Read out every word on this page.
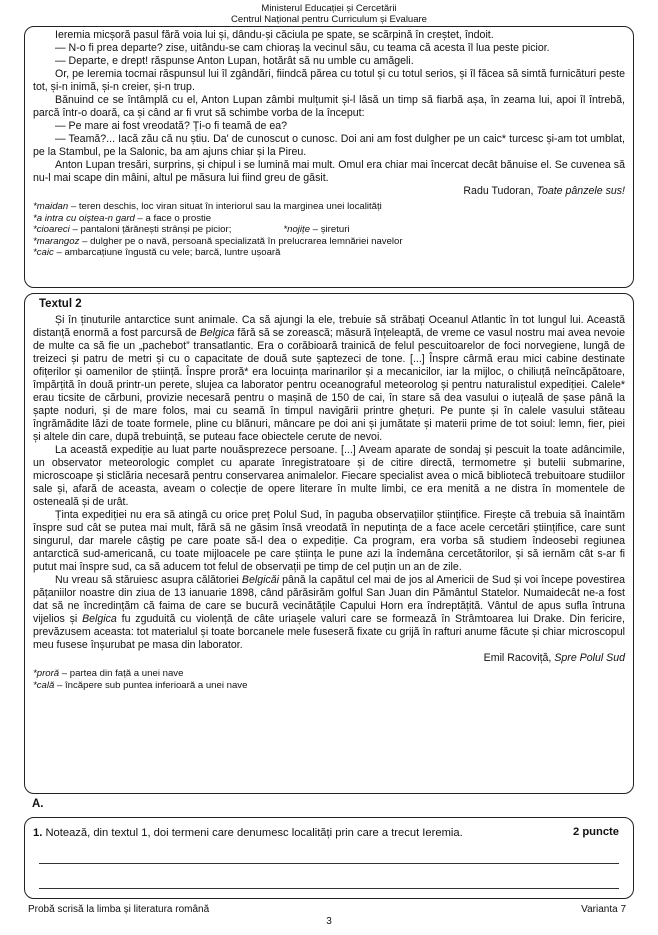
Ministerul Educației și Cercetării
Centrul Național pentru Curriculum și Evaluare

Ieremia micșoră pasul fără voia lui și, dându-și căciula pe spate, se scărpină în creștet, îndoit.

— N-o fi prea departe? zise, uitându-se cam chioraș la vecinul său, cu teama că acesta îl lua peste picior.

— Departe, e drept! răspunse Anton Lupan, hotărât să nu umble cu amăgeli.

Or, pe Ieremia tocmai răspunsul lui îl zgândări, fiindcă părea cu totul și cu totul serios, și îl făcea să simtă furnicături peste tot, și-n inimă, și-n creier, și-n trup.

Bănuind ce se întâmplă cu el, Anton Lupan zâmbi mulțumit și-l lăsă un timp să fiarbă așa, în zeama lui, apoi îl întrebă, parcă într-o doară, ca și când ar fi vrut să schimbe vorba de la început:

— Pe mare ai fost vreodată? Ți-o fi teamă de ea?

— Teamă?... Iacă zău că nu știu. Da' de cunoscut o cunosc. Doi ani am fost dulgher pe un caic* turcesc și-am tot umblat, pe la Stambul, pe la Salonic, ba am ajuns chiar și la Pireu.

Anton Lupan tresări, surprins, și chipul i se lumină mai mult. Omul era chiar mai încercat decât bănuise el. Se cuvenea să nu-l mai scape din mâini, altul pe măsura lui fiind greu de găsit.

Radu Tudoran, Toate pânzele sus!

*maidan – teren deschis, loc viran situat în interiorul sau la marginea unei localități
*a intra cu oiștea-n gard – a face o prostie
*cioareci – pantaloni țărănești strânși pe picior;	*nojițe – șireturi
*marangoz – dulgher pe o navă, persoană specializată în prelucrarea lemnăriei navelor
*caic – ambarcațiune îngustă cu vele; barcă, luntre ușoară
Textul 2

Și în ținuturile antarctice sunt animale. Ca să ajungi la ele, trebuie să străbați Oceanul Atlantic în tot lungul lui. Această distanță enormă a fost parcursă de Belgica fără să se zorească; măsură înțeleaptă, de vreme ce vasul nostru mai avea nevoie de multe ca să fie un „pachebot” transatlantic. Era o corăbioară trainică de felul pescuitoarelor de foci norvegiene, lungă de treizeci și patru de metri și cu o capacitate de două sute șaptezeci de tone. [...] Înspre cârmă erau mici cabine destinate ofițerilor și oamenilor de știință. Înspre proră* era locuința marinarilor și a mecanicilor, iar la mijloc, o chiliuță neîncăpătoare, împărțită în două printr-un perete, slujea ca laborator pentru oceanograful meteorolog și pentru naturalistul expediției. Calele* erau ticsite de cărbuni, provizie necesară pentru o mașină de 150 de cai, în stare să dea vasului o iuțeală de șase până la șapte noduri, și de mare folos, mai cu seamă în timpul navigării printre ghețuri. Pe punte și în calele vasului stăteau îngrămădite lăzi de toate formele, pline cu blănuri, mâncare pe doi ani și jumătate și materii prime de tot soiul: lemn, fier, piei și altele din care, după trebuință, se puteau face obiectele cerute de nevoi.

La această expediție au luat parte nouăsprezece persoane. [...] Aveam aparate de sondaj și pescuit la toate adâncimile, un observator meteorologic complet cu aparate înregistratoare și de citire directă, termometre și butelii submarine, microscoape și sticlăria necesară pentru conservarea animalelor. Fiecare specialist avea o mică bibliotecă trebuitoare studiilor sale și, afară de aceasta, aveam o colecție de opere literare în multe limbi, ce era menită a ne distra în momentele de osteneală și de urât.

Ținta expediției nu era să atingă cu orice preț Polul Sud, în paguba observațiilor științifice. Firește că trebuia să înaintăm înspre sud cât se putea mai mult, fără să ne găsim însă vreodată în neputința de a face acele cercetări științifice, care sunt singurul, dar marele câștig pe care poate să-l dea o expediție. Ca program, era vorba să studiem îndeosebi regiunea antarctică sud-americană, cu toate mijloacele pe care știința le pune azi la îndemâna cercetătorilor, și să iernăm cât s-ar fi putut mai înspre sud, ca să aducem tot felul de observații pe timp de cel puțin un an de zile.

Nu vreau să stăruiesc asupra călătoriei Belgicăi până la capătul cel mai de jos al Americii de Sud și voi începe povestirea pățaniilor noastre din ziua de 13 ianuarie 1898, când părăsirăm golful San Juan din Pământul Statelor. Numaidecât ne-a fost dat să ne încredințăm că faima de care se bucură vecinătățile Capului Horn era îndreptățită. Vântul de apus sufla întruna vijelios și Belgica fu zguduită cu violență de câte uriașele valuri care se formează în Strâmtoarea lui Drake. Din fericire, prevăzusem aceasta: tot materialul și toate borcanele mele fuseseră fixate cu grijă în rafturi anume făcute și chiar microscopul meu fusese înșurubat pe masa din laborator.

Emil Racoviță, Spre Polul Sud

*proră – partea din față a unei nave
*cală – încăpere sub puntea inferioară a unei nave
A.
1. Notează, din textul 1, doi termeni care denumesc localități prin care a trecut Ieremia.	2 puncte
Probă scrisă la limba și literatura română	Varianta 7
3
